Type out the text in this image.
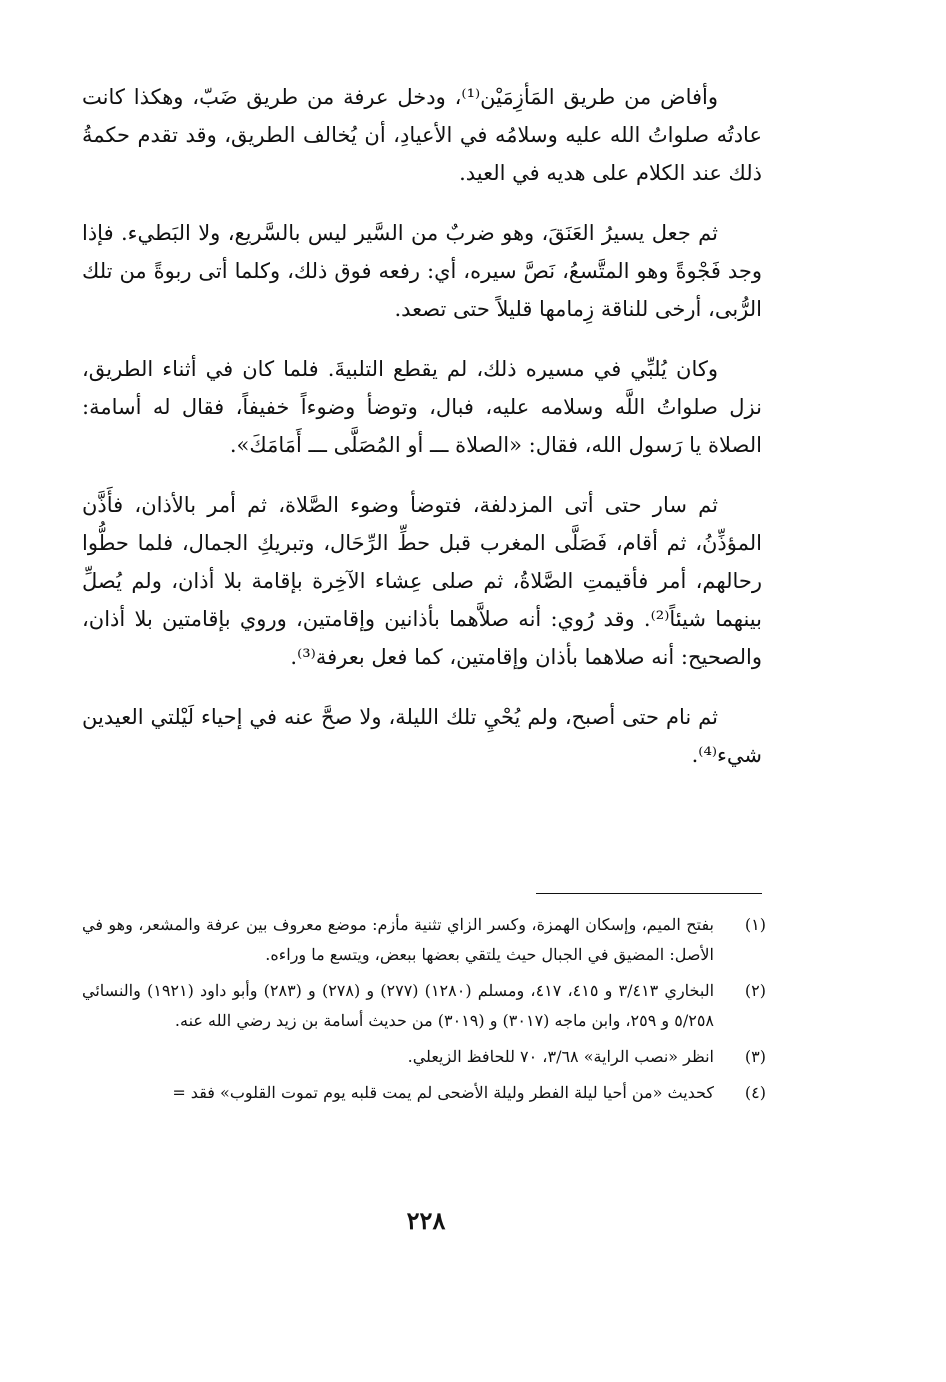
وأفاض من طريق المَأزِمَيْن⁽¹⁾، ودخل عرفة من طريق ضَبّ، وهكذا كانت عادتُه صلواتُ الله عليه وسلامُه في الأعيادِ، أن يُخالف الطريق، وقد تقدم حكمةُ ذلك عند الكلام على هديه في العيد.

ثم جعل يسيرُ العَنَقَ، وهو ضربٌ من السَّير ليس بالسَّريع، ولا البَطيء. فإذا وجد فَجْوةً وهو المتَّسعُ، نَصَّ سيره، أي: رفعه فوق ذلك، وكلما أتى ربوةً من تلك الرُّبى، أرخى للناقة زِمامها قليلاً حتى تصعد.

وكان يُلبِّي في مسيره ذلك، لم يقطع التلبيةَ. فلما كان في أثناء الطريق، نزل صلواتُ اللَّه وسلامه عليه، فبال، وتوضأ وضوءاً خفيفاً، فقال له أسامة: الصلاة يا رَسول الله، فقال: «الصلاة ـــ أو المُصَلَّى ـــ أَمَامَكَ».

ثم سار حتى أتى المزدلفة، فتوضأ وضوء الصَّلاة، ثم أمر بالأذان، فأَذَّن المؤذِّنُ، ثم أقام، فَصَلَّى المغرب قبل حطِّ الرِّحَال، وتبريكِ الجمال، فلما حطُّوا رحالهم، أمر فأقيمتِ الصَّلاةُ، ثم صلى عِشاء الآخِرة بإقامة بلا أذان، ولم يُصلِّ بينهما شيئاً⁽²⁾. وقد رُوي: أنه صلاَّهما بأذانين وإقامتين، وروي بإقامتين بلا أذان، والصحيح: أنه صلاهما بأذان وإقامتين، كما فعل بعرفة⁽³⁾.

ثم نام حتى أصبح، ولم يُحْيِ تلك الليلة، ولا صحَّ عنه في إحياء لَيْلتي العيدين شيء⁽⁴⁾.

(١)
بفتح الميم، وإسكان الهمزة، وكسر الزاي تثنية مأزم: موضع معروف بين عرفة والمشعر، وهو في الأصل: المضيق في الجبال حيث يلتقي بعضها ببعض، ويتسع ما وراءه.
(٢)
البخاري ٣/٤١٣ و ٤١٥، ٤١٧، ومسلم (١٢٨٠) (٢٧٧) و (٢٧٨) و (٢٨٣) وأبو داود (١٩٢١) والنسائي ٥/٢٥٨ و ٢٥٩، وابن ماجه (٣٠١٧) و (٣٠١٩) من حديث أسامة بن زيد رضي الله عنه.
(٣)
انظر «نصب الراية» ٣/٦٨، ٧٠ للحافظ الزيعلي.
(٤)
كحديث «من أحيا ليلة الفطر وليلة الأضحى لم يمت قلبه يوم تموت القلوب» فقد =
٢٢٨
